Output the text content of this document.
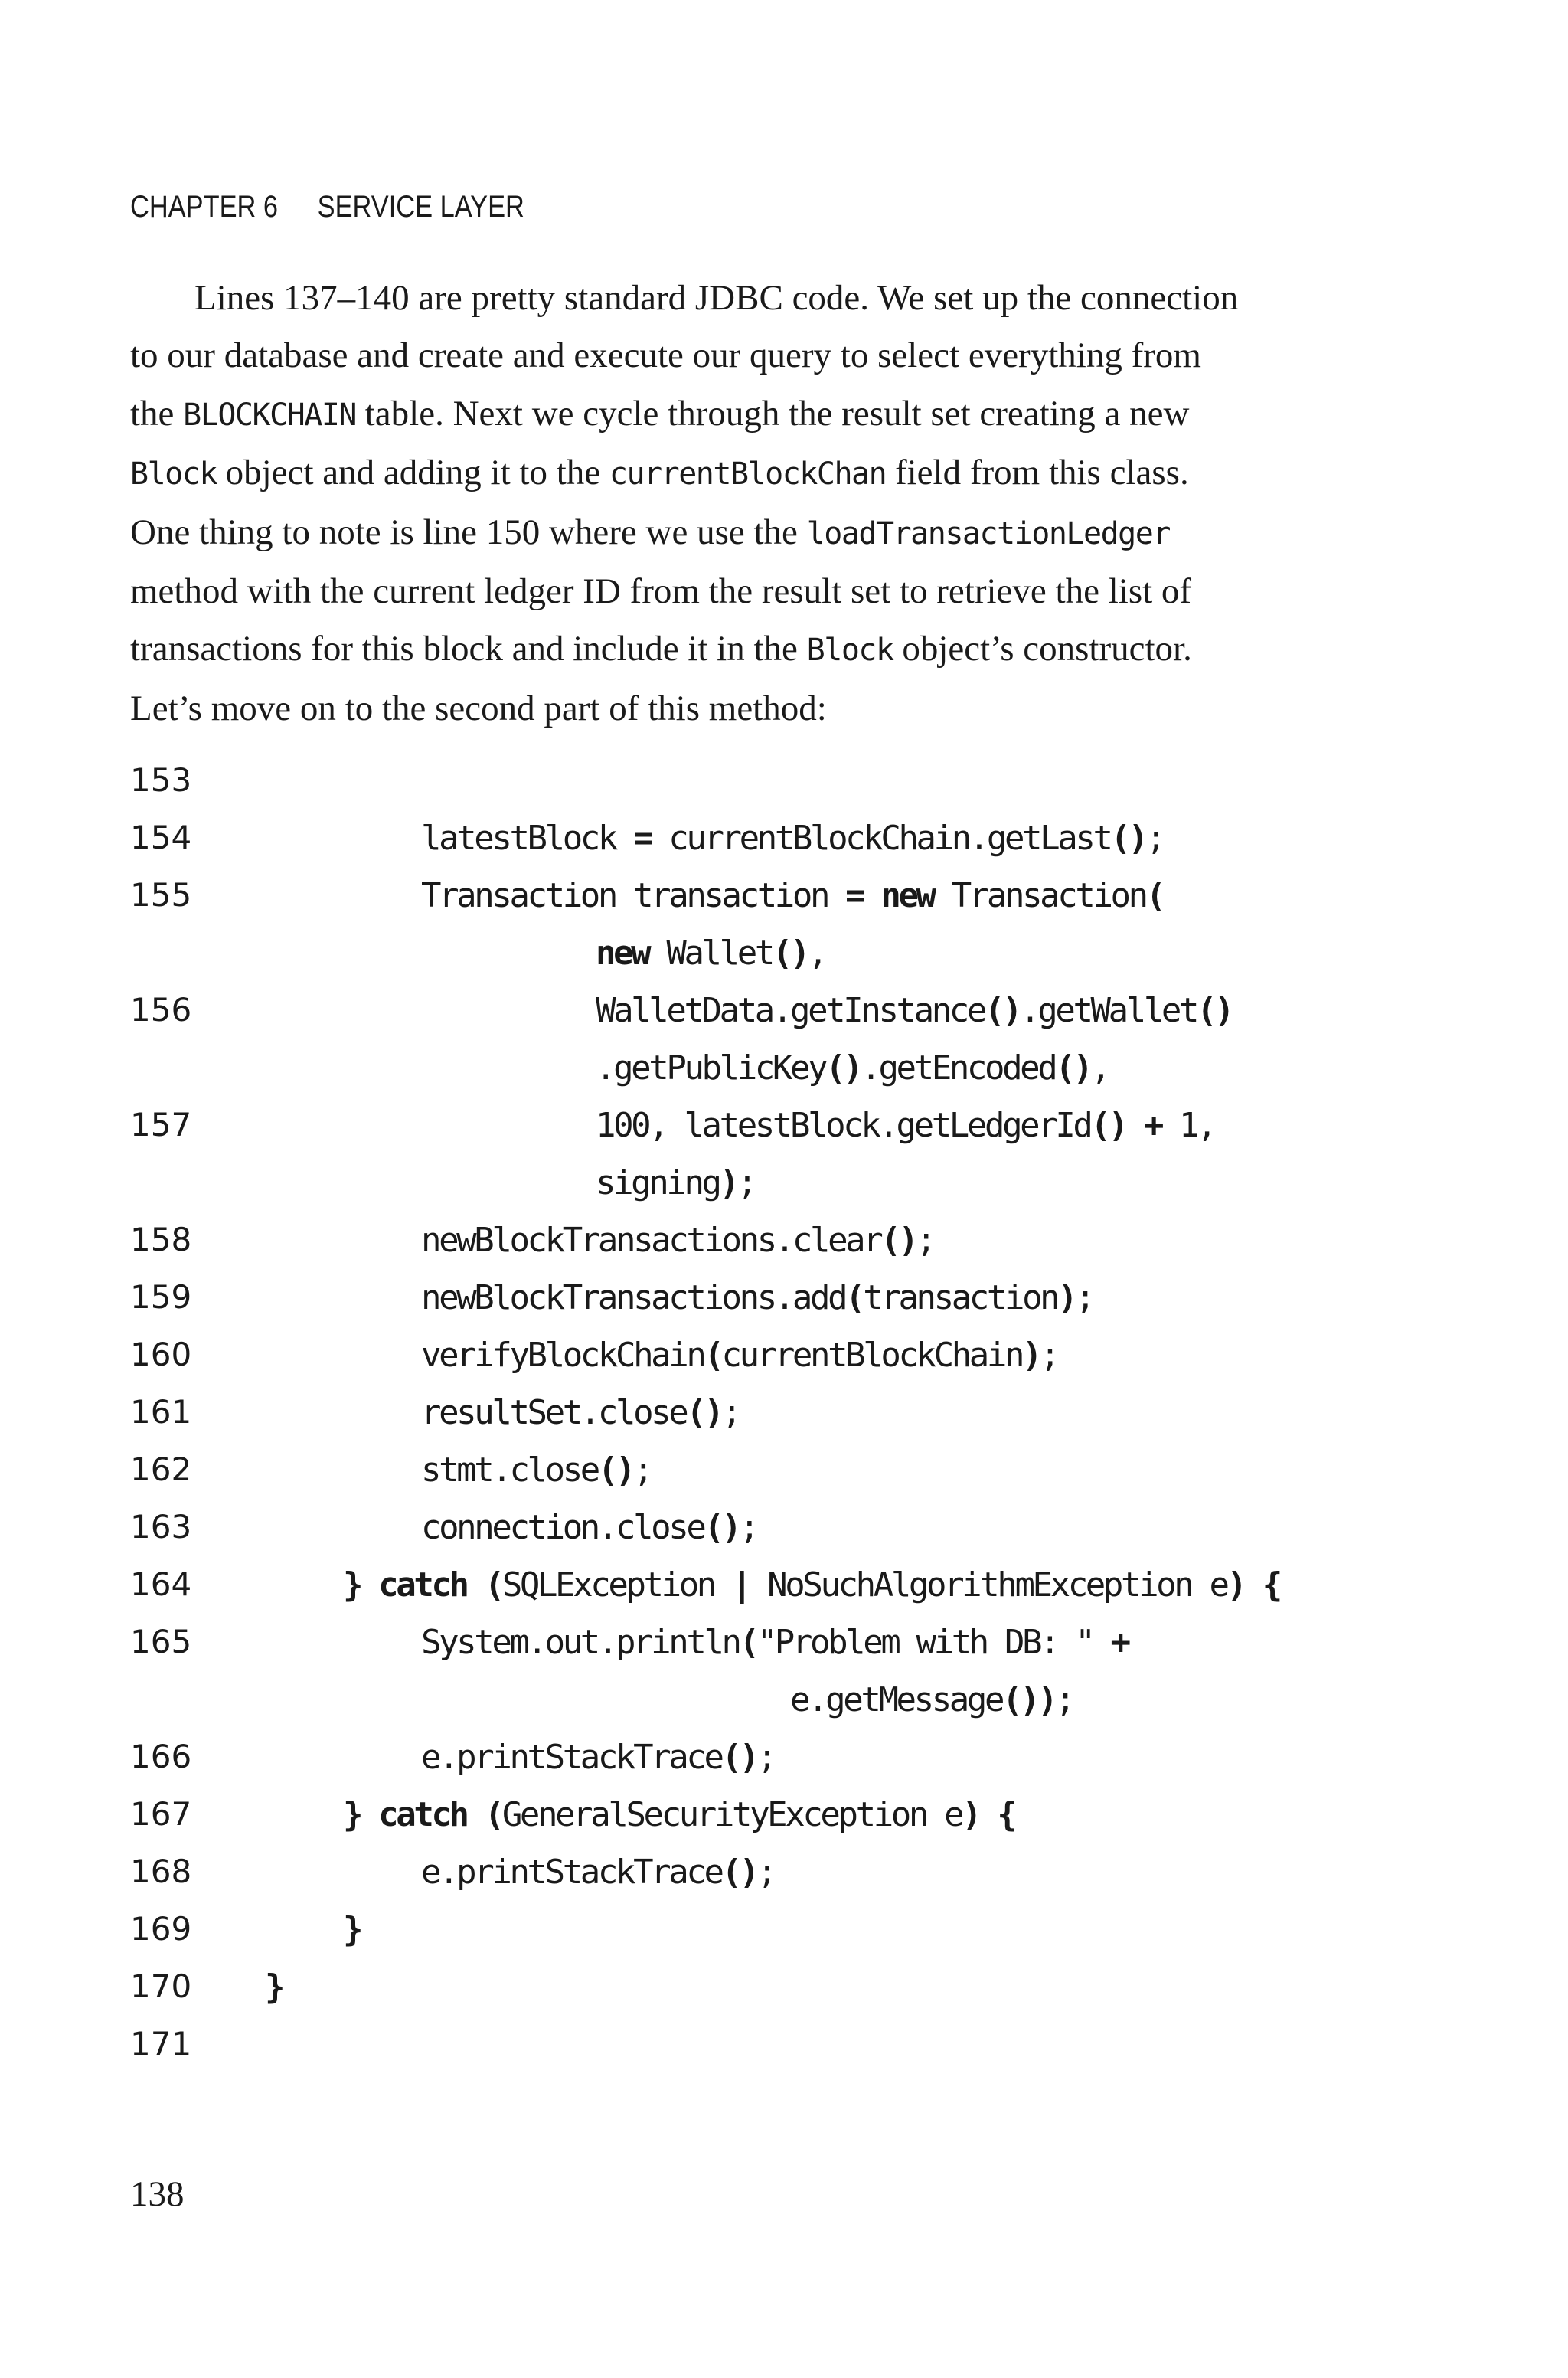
CHAPTER 6 SERVICE LAYER
Lines 137–140 are pretty standard JDBC code. We set up the connection
to our database and create and execute our query to select everything from
the BLOCKCHAIN table. Next we cycle through the result set creating a new
Block object and adding it to the currentBlockChan field from this class.
One thing to note is line 150 where we use the loadTransactionLedger
method with the current ledger ID from the result set to retrieve the list of
transactions for this block and include it in the Block object’s constructor.
Let’s move on to the second part of this method:
153
154	latestBlock = currentBlockChain.getLast();
155	Transaction transaction = new Transaction(
new Wallet(),
156	WalletData.getInstance().getWallet()
.getPublicKey().getEncoded(),
157	100, latestBlock.getLedgerId() + 1,
signing);
158	newBlockTransactions.clear();
159	newBlockTransactions.add(transaction);
160	verifyBlockChain(currentBlockChain);
161	resultSet.close();
162	stmt.close();
163	connection.close();
164	} catch (SQLException | NoSuchAlgorithmException e) {
165	System.out.println("Problem with DB: " +
e.getMessage());
166	e.printStackTrace();
167	} catch (GeneralSecurityException e) {
168	e.printStackTrace();
169	}
170	}
171
138
